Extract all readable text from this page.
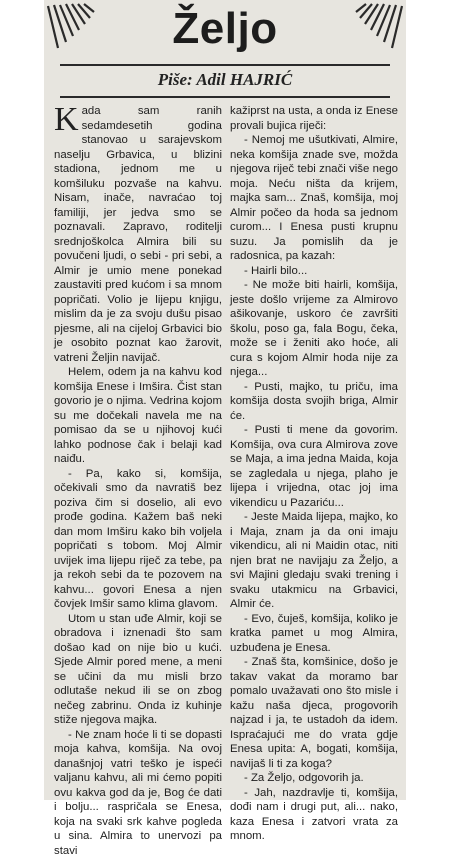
Željo
Piše: Adil HAJRIĆ

Kada sam ranih sedamdesetih godina stanovao u sarajevskom naselju Grbavica, u blizini stadiona, jednom me u komšiluku pozvaše na kahvu. Nisam, inače, navraćao toj familiji, jer jedva smo se poznavali. Zapravo, roditelji srednjoškolca Almira bili su povučeni ljudi, o sebi - pri sebi, a Almir je umio mene ponekad zaustaviti pred kućom i sa mnom popričati. Volio je lijepu knjigu, mislim da je za svoju dušu pisao pjesme, ali na cijeloj Grbavici bio je osobito poznat kao žarovit, vatreni Željin navijač.

Helem, odem ja na kahvu kod komšija Enese i Imšira. Čist stan govorio je o njima. Vedrina kojom su me dočekali navela me na pomisao da se u njihovoj kući lahko podnose čak i belaji kad naiđu.

- Pa, kako si, komšija, očekivali smo da navratiš bez poziva čim si doselio, ali evo prođe godina. Kažem baš neki dan mom Imširu kako bih voljela popričati s tobom. Moj Almir uvijek ima lijepu riječ za tebe, pa ja rekoh sebi da te pozovem na kahvu... govori Enesa a njen čovjek Imšir samo klima glavom.

Utom u stan uđe Almir, koji se obradova i iznenadi što sam došao kad on nije bio u kući. Sjede Almir pored mene, a meni se učini da mu misli brzo odlutaše nekud ili se on zbog nečeg zabrinu. Onda iz kuhinje stiže njegova majka.

- Ne znam hoće li ti se dopasti moja kahva, komšija. Na ovoj današnjoj vatri teško je ispeći valjanu kahvu, ali mi ćemo popiti ovu kakva god da je, Bog će dati i bolju... raspričala se Enesa, koja na svaki srk kahve pogleda u sina. Almira to unervozi pa stavi

kažiprst na usta, a onda iz Enese provali bujica riječi:

- Nemoj me ušutkivati, Almire, neka komšija znade sve, možda njegova riječ tebi znači više nego moja. Neću ništa da krijem, majka sam... Znaš, komšija, moj Almir počeo da hoda sa jednom curom... I Enesa pusti krupnu suzu. Ja pomislih da je radosnica, pa kazah:

- Hairli bilo...

- Ne može biti hairli, komšija, jeste došlo vrijeme za Almirovo ašikovanje, uskoro će završiti školu, poso ga, fala Bogu, čeka, može se i ženiti ako hoće, ali cura s kojom Almir hoda nije za njega...

- Pusti, majko, tu priču, ima komšija dosta svojih briga, Almir će.

- Pusti ti mene da govorim. Komšija, ova cura Almirova zove se Maja, a ima jedna Maida, koja se zagledala u njega, plaho je lijepa i vrijedna, otac joj ima vikendicu u Pazariću...

- Jeste Maida lijepa, majko, ko i Maja, znam ja da oni imaju vikendicu, ali ni Maidin otac, niti njen brat ne navijaju za Željo, a svi Majini gledaju svaki trening i svaku utakmicu na Grbavici, Almir će.

- Evo, čuješ, komšija, koliko je kratka pamet u mog Almira, uzbuđena je Enesa.

- Znaš šta, komšinice, došo je takav vakat da moramo bar pomalo uvažavati ono što misle i kažu naša djeca, progovorih najzad i ja, te ustadoh da idem. Ispraćajući me do vrata gdje Enesa upita: A, bogati, komšija, navijaš li ti za koga?

- Za Željo, odgovorih ja.

- Jah, nazdravlje ti, komšija, dođi nam i drugi put, ali... nako, kaza Enesa i zatvori vrata za mnom.
